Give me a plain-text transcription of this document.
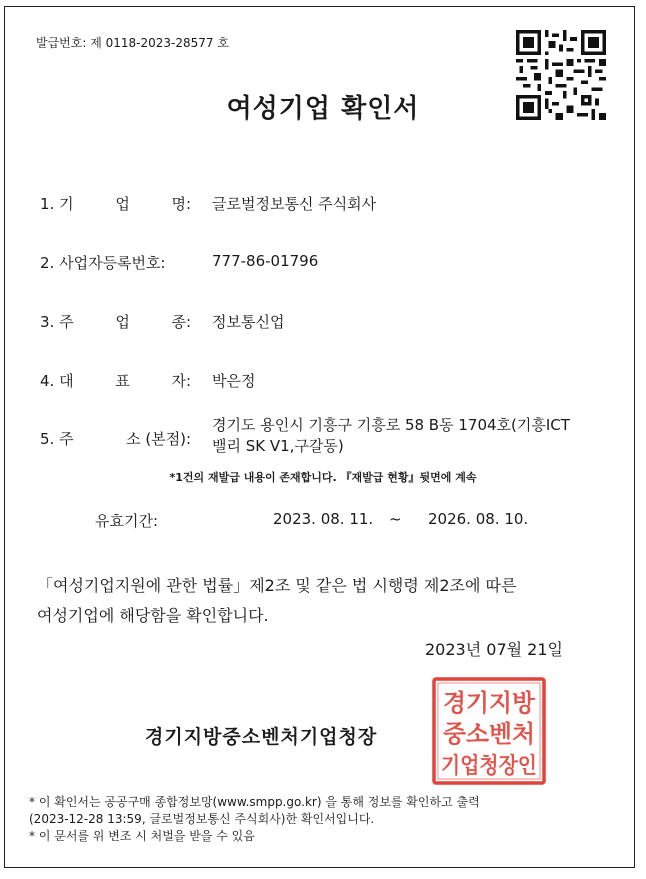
발급번호: 제 0118-2023-28577 호
여성기업 확인서
1. 기	업	명: 글로벌정보통신 주식회사
2. 사업자등록번호:	777-86-01796
3. 주	업	종: 정보통신업
4. 대	표	자: 박은정
5. 주	소 (본점):
경기도 용인시 기흥구 기흥로 58 B동 1704호(기흥ICT
밸리 SK V1,구갈동)
*1건의 재발급 내용이 존재합니다. 『재발급 현황』뒷면에 계속
유효기간:	2023. 08. 11. ~ 2026. 08. 10.
「여성기업지원에 관한 법률」제2조 및 같은 법 시행령 제2조에 따른
여성기업에 해당함을 확인합니다.
2023년 07월 21일
경기지방중소벤처기업청장
경기지방
중소벤처
기업청장인
* 이 확인서는 공공구매 종합정보망(www.smpp.go.kr) 을 통해 정보를 확인하고 출력
(2023-12-28 13:59, 글로벌정보통신 주식회사)한 확인서입니다.
* 이 문서를 위 변조 시 처벌을 받을 수 있음
